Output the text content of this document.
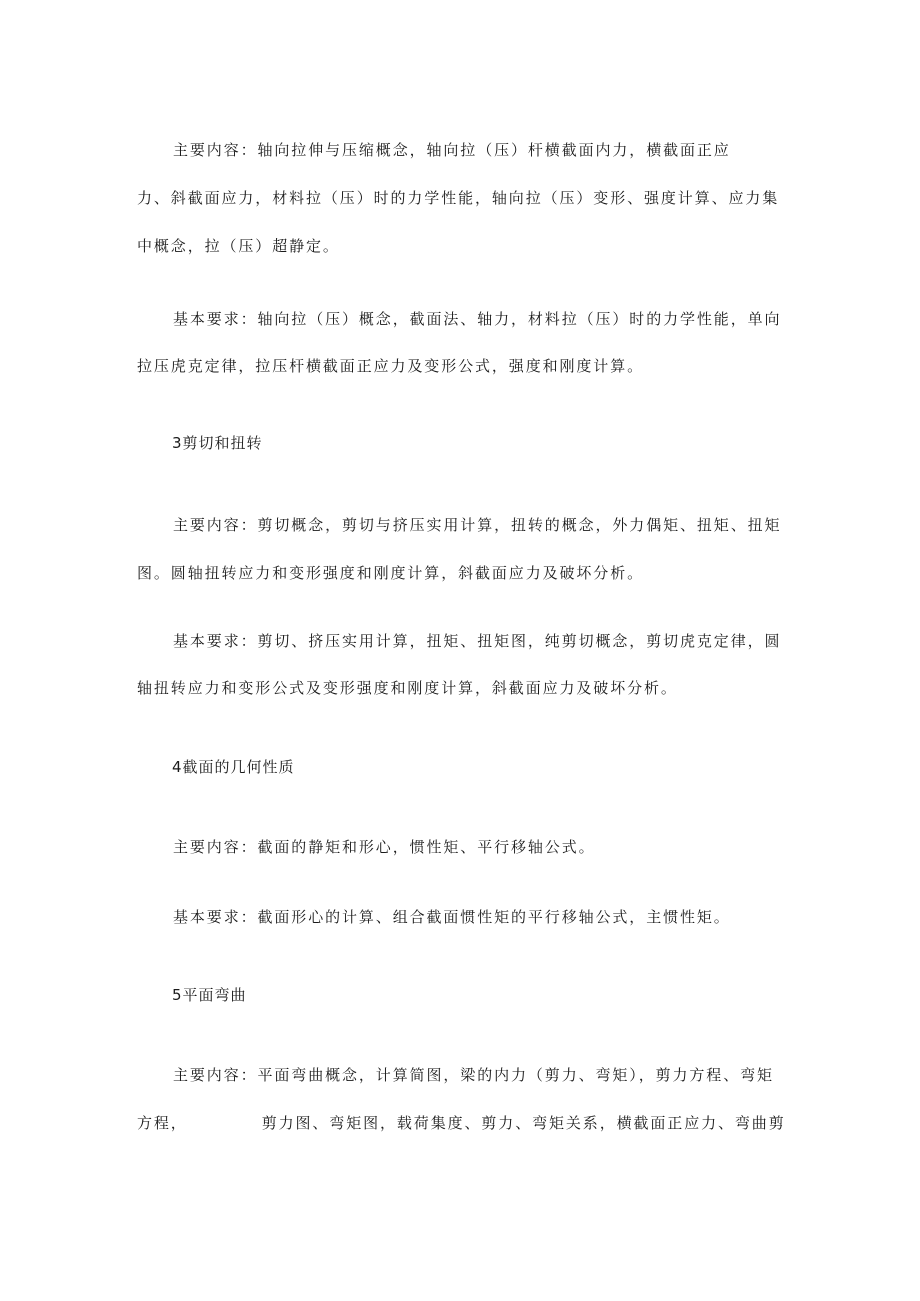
主要内容：轴向拉伸与压缩概念，轴向拉（压）杆横截面内力，横截面正应
力、斜截面应力，材料拉（压）时的力学性能，轴向拉（压）变形、强度计算、应力集
中概念，拉（压）超静定。
基本要求：轴向拉（压）概念，截面法、轴力，材料拉（压）时的力学性能，单向
拉压虎克定律，拉压杆横截面正应力及变形公式，强度和刚度计算。
3剪切和扭转
主要内容：剪切概念，剪切与挤压实用计算，扭转的概念，外力偶矩、扭矩、扭矩
图。圆轴扭转应力和变形强度和刚度计算，斜截面应力及破坏分析。
基本要求：剪切、挤压实用计算，扭矩、扭矩图，纯剪切概念，剪切虎克定律，圆
轴扭转应力和变形公式及变形强度和刚度计算，斜截面应力及破坏分析。
4截面的几何性质
主要内容：截面的静矩和形心，惯性矩、平行移轴公式。
基本要求：截面形心的计算、组合截面惯性矩的平行移轴公式，主惯性矩。
5平面弯曲
主要内容：平面弯曲概念，计算简图，梁的内力（剪力、弯矩），剪力方程、弯矩
方程，	剪力图、弯矩图，载荷集度、剪力、弯矩关系，横截面正应力、弯曲剪
